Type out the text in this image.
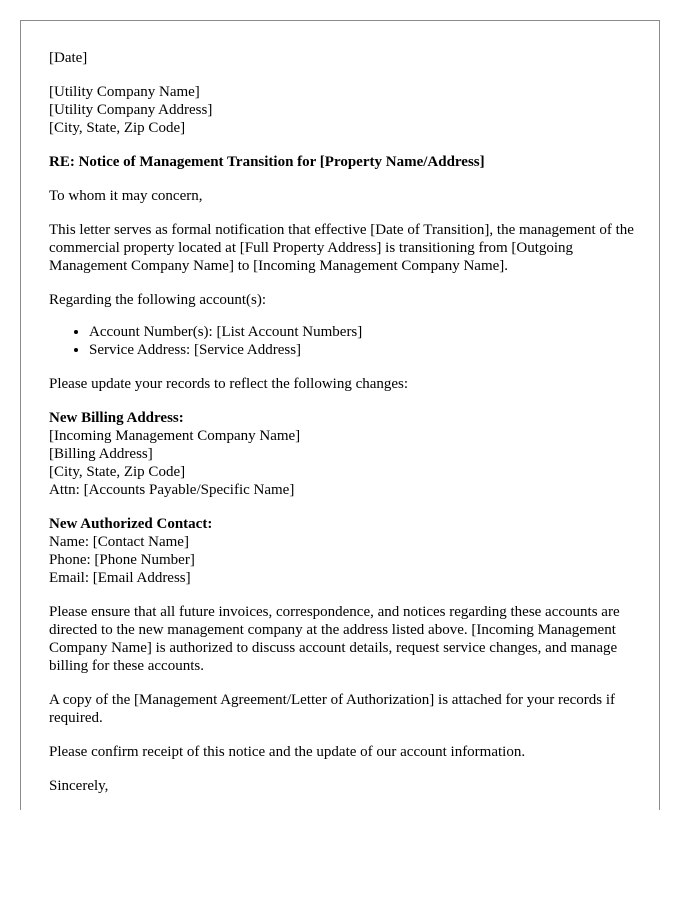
[Date]

[Utility Company Name]
[Utility Company Address]
[City, State, Zip Code]

RE: Notice of Management Transition for [Property Name/Address]

To whom it may concern,

This letter serves as formal notification that effective [Date of Transition], the management of the commercial property located at [Full Property Address] is transitioning from [Outgoing Management Company Name] to [Incoming Management Company Name].

Regarding the following account(s):

• Account Number(s): [List Account Numbers]
• Service Address: [Service Address]

Please update your records to reflect the following changes:

New Billing Address:
[Incoming Management Company Name]
[Billing Address]
[City, State, Zip Code]
Attn: [Accounts Payable/Specific Name]

New Authorized Contact:
Name: [Contact Name]
Phone: [Phone Number]
Email: [Email Address]

Please ensure that all future invoices, correspondence, and notices regarding these accounts are directed to the new management company at the address listed above. [Incoming Management Company Name] is authorized to discuss account details, request service changes, and manage billing for these accounts.

A copy of the [Management Agreement/Letter of Authorization] is attached for your records if required.

Please confirm receipt of this notice and the update of our account information.

Sincerely,
